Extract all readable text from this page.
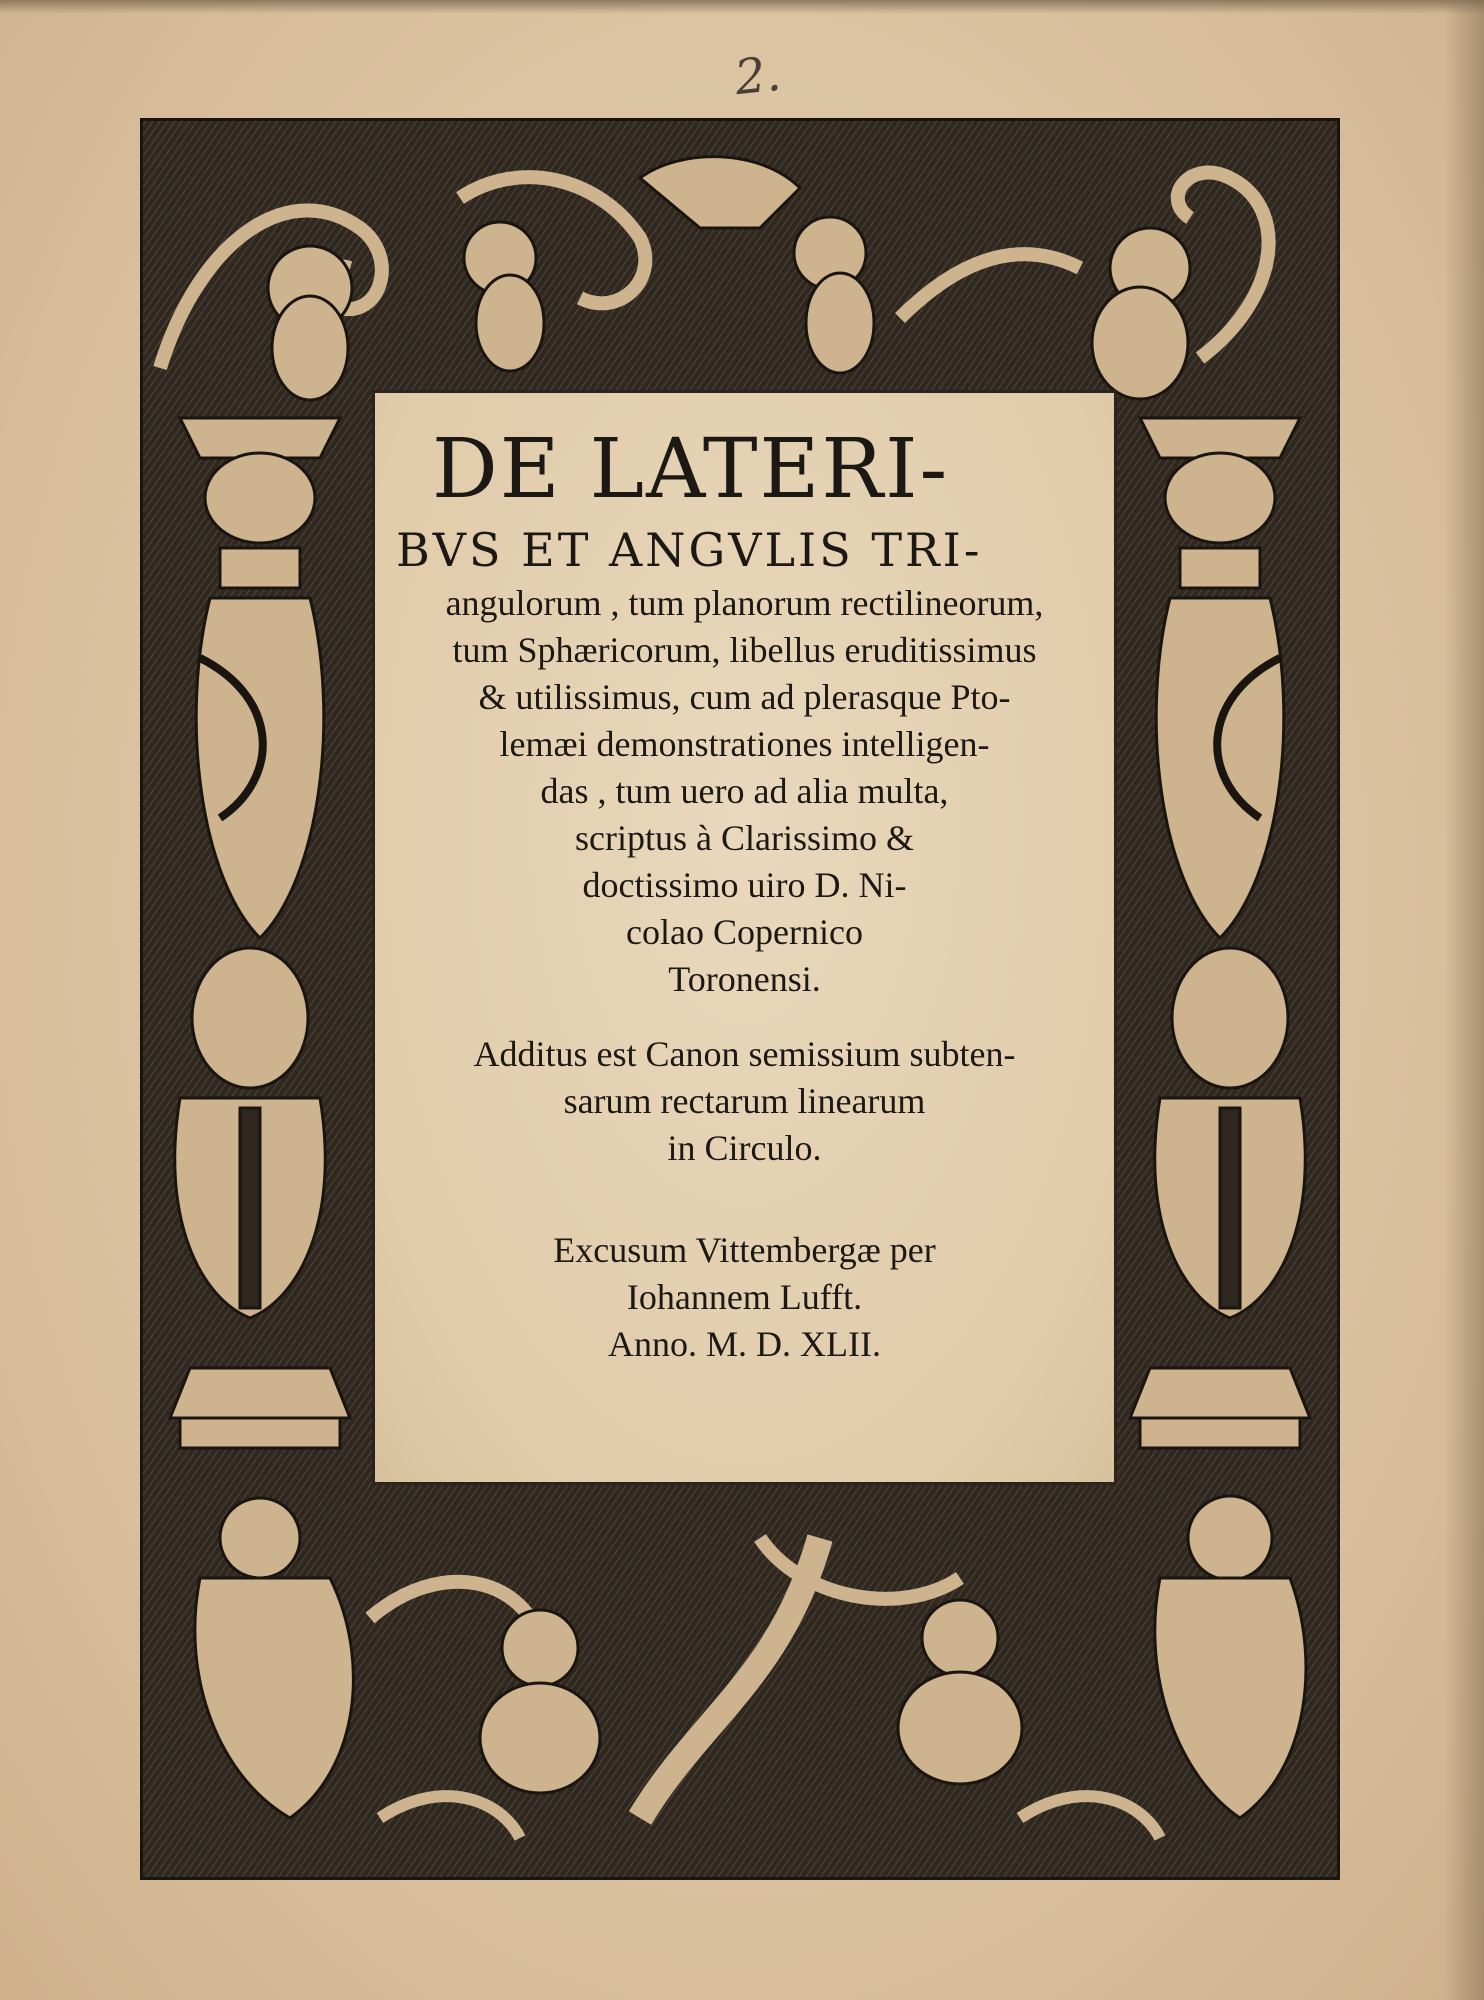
2.
DE LATERI-
BVS ET ANGVLIS TRI-
angulorum , tum planorum rectilineorum,
tum Sphæricorum, libellus eruditissimus
& utilissimus, cum ad plerasque Pto-
lemæi demonstrationes intelligen-
das , tum uero ad alia multa,
scriptus à Clarissimo &
doctissimo uiro D. Ni-
colao Copernico
Toronensi.
Additus est Canon semissium subten-
sarum rectarum linearum
in Circulo.
Excusum Vittembergæ per
Iohannem Lufft.
Anno. M. D. XLII.
